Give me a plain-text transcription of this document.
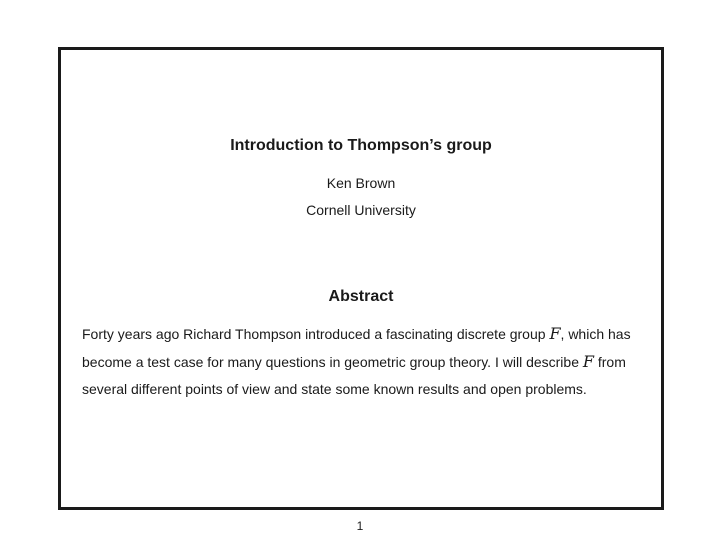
Introduction to Thompson’s group
Ken Brown
Cornell University
Abstract

Forty years ago Richard Thompson introduced a fascinating discrete group F, which has become a test case for many questions in geometric group theory. I will describe F from several different points of view and state some known results and open problems.

1
